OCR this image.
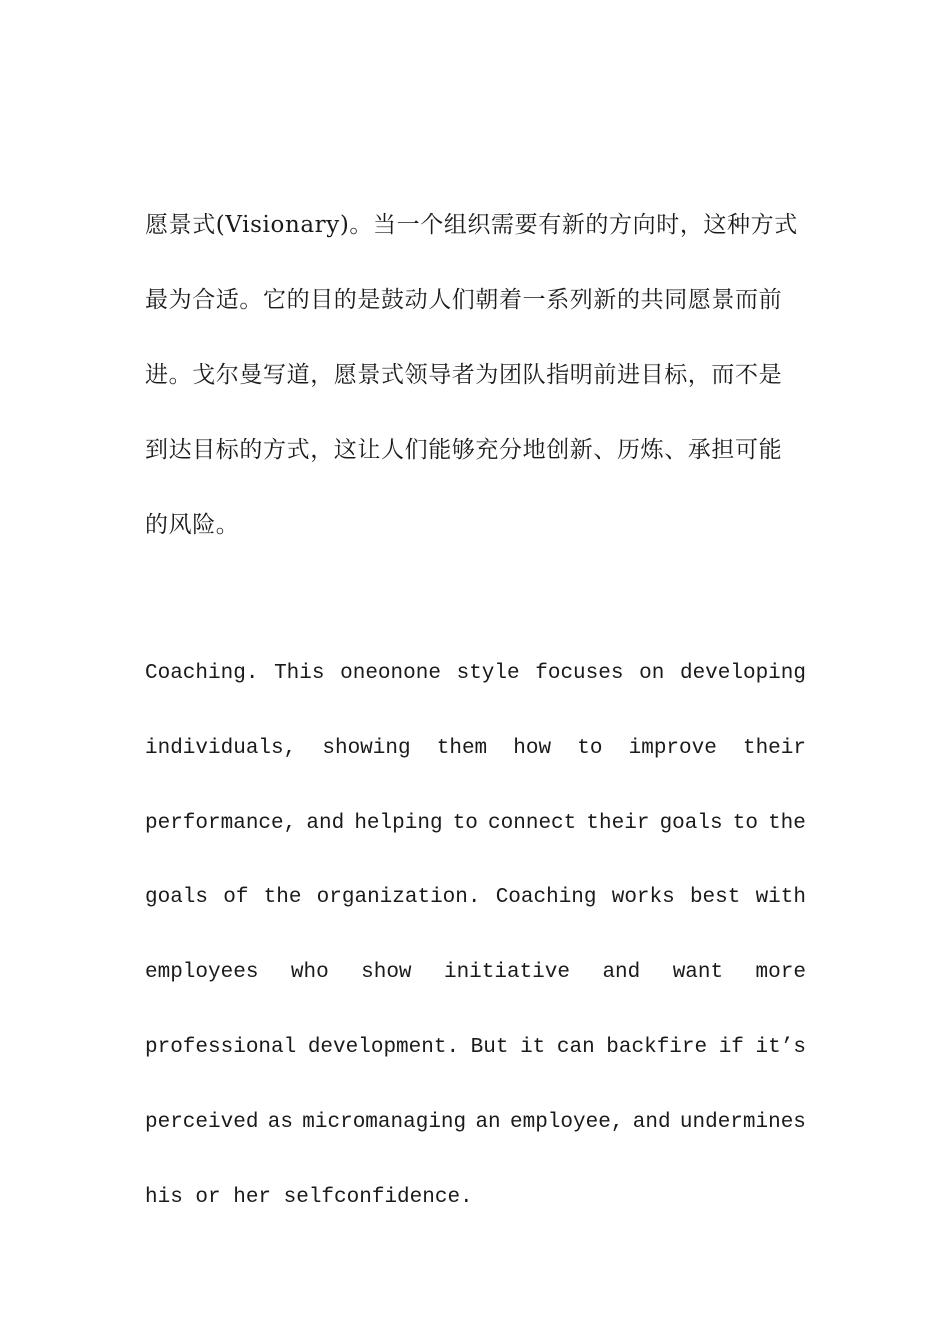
愿景式(Visionary)。当一个组织需要有新的方向时，这种方式
最为合适。它的目的是鼓动人们朝着一系列新的共同愿景而前
进。戈尔曼写道，愿景式领导者为团队指明前进目标，而不是
到达目标的方式，这让人们能够充分地创新、历炼、承担可能
的风险。
Coaching. This oneonone style focuses on developing
individuals, showing them how to improve their
performance, and helping to connect their goals to the
goals of the organization. Coaching works best with
employees who show initiative and want more
professional development. But it can backfire if it’s
perceived as micromanaging an employee, and undermines
his or her selfconfidence.
